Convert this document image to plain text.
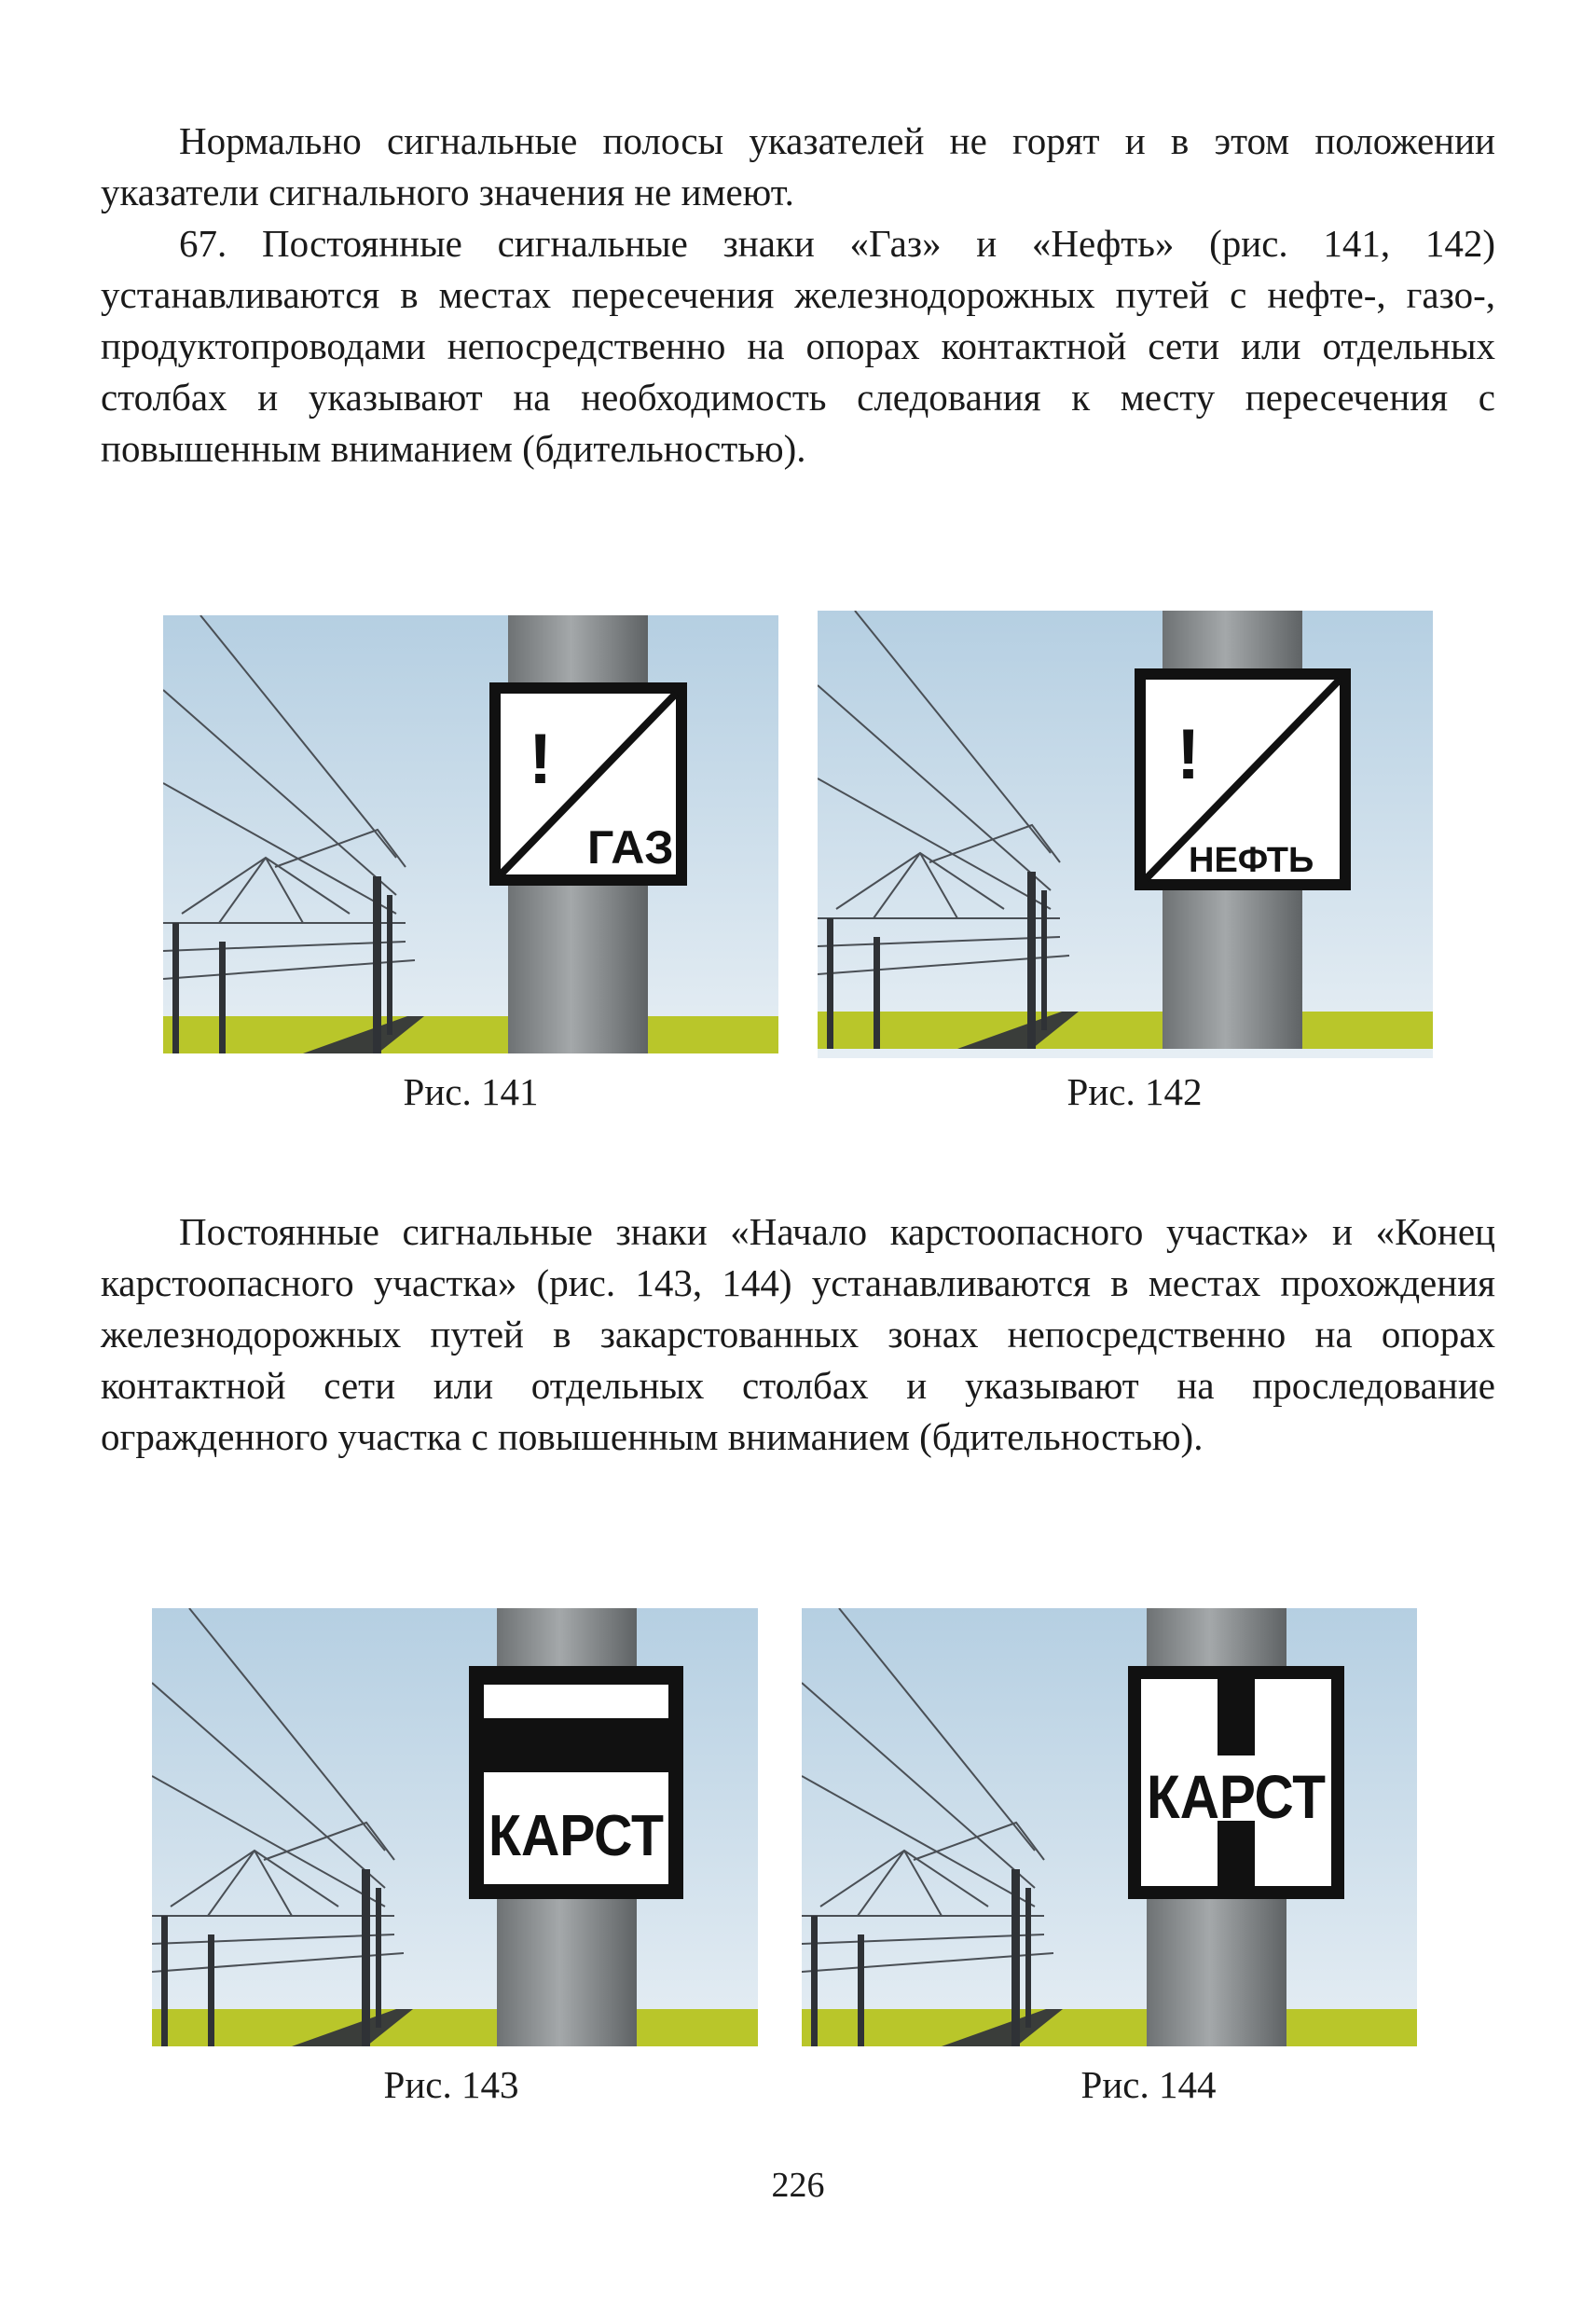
Нормально сигнальные полосы указателей не горят и в этом положении указатели сигнального значения не имеют.
67. Постоянные сигнальные знаки «Газ» и «Нефть» (рис. 141, 142) устанавливаются в местах пересечения железнодорожных путей с нефте-, газо-, продуктопроводами непосредственно на опорах контактной сети или отдельных столбах и указывают на необходимость следования к месту пересечения с повышенным вниманием (бдительностью).
!
ГАЗ
Рис. 141
!
НЕФТЬ
Рис. 142
Постоянные сигнальные знаки «Начало карстоопасного участка» и «Конец карстоопасного участка» (рис. 143, 144) устанавливаются в местах прохождения железнодорожных путей в закарстованных зонах непосредственно на опорах контактной сети или отдельных столбах и указывают на проследование огражденного участка с повышенным вниманием (бдительностью).
КАРСТ
Рис. 143
КАРСТ
Рис. 144
226
